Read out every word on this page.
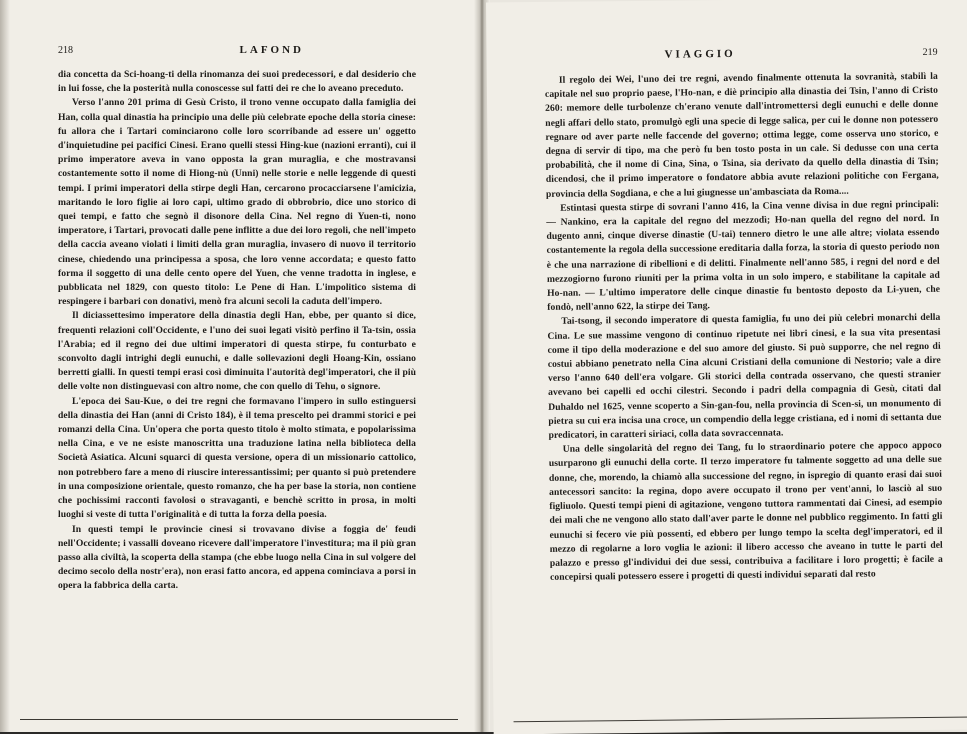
218	LAFOND

dia concetta da Sci-hoang-ti della rinomanza dei suoi predecessori, e dal desiderio che in lui fosse, che la posterità nulla conoscesse sul fatti dei re che lo aveano preceduto.

Verso l'anno 201 prima di Gesù Cristo, il trono venne occupato dalla famiglia dei Han, colla qual dinastia ha principio una delle più celebrate epoche della storia cinese: fu allora che i Tartari cominciarono colle loro scorribande ad essere un' oggetto d'inquietudine pei pacifici Cinesi. Erano quelli stessi Hing-kue (nazioni erranti), cui il primo imperatore aveva in vano opposta la gran muraglia, e che mostravansi costantemente sotto il nome di Hiong-nù (Unni) nelle storie e nelle leggende di questi tempi. I primi imperatori della stirpe degli Han, cercarono procacciarsene l'amicizia, maritando le loro figlie ai loro capi, ultimo grado di obbrobrio, dice uno storico di quei tempi, e fatto che segnò il disonore della Cina. Nel regno di Yuen-ti, nono imperatore, i Tartari, provocati dalle pene inflitte a due dei loro regoli, che nell'impeto della caccia aveano violati i limiti della gran muraglia, invasero di nuovo il territorio cinese, chiedendo una principessa a sposa, che loro venne accordata; e questo fatto forma il soggetto di una delle cento opere del Yuen, che venne tradotta in inglese, e pubblicata nel 1829, con questo titolo: Le Pene di Han. L'impolitico sistema di respingere i barbari con donativi, menò fra alcuni secoli la caduta dell'impero.

Il diciassettesimo imperatore della dinastia degli Han, ebbe, per quanto si dice, frequenti relazioni coll'Occidente, e l'uno dei suoi legati visitò perfino il Ta-tsin, ossia l'Arabia; ed il regno dei due ultimi imperatori di questa stirpe, fu conturbato e sconvolto dagli intrighi degli eunuchi, e dalle sollevazioni degli Hoang-Kin, ossiano berretti gialli. In questi tempi erasi così diminuita l'autorità degl'imperatori, che il più delle volte non distinguevasi con altro nome, che con quello di Tehu, o signore.

L'epoca dei Sau-Kue, o dei tre regni che formavano l'impero in sullo estinguersi della dinastia dei Han (anni di Cristo 184), è il tema prescelto pei drammi storici e pei romanzi della Cina. Un'opera che porta questo titolo è molto stimata, e popolarissima nella Cina, e ve ne esiste manoscritta una traduzione latina nella biblioteca della Società Asiatica. Alcuni squarci di questa versione, opera di un missionario cattolico, non potrebbero fare a meno di riuscire interessantissimi; per quanto si può pretendere in una composizione orientale, questo romanzo, che ha per base la storia, non contiene che pochissimi racconti favolosi o stravaganti, e benchè scritto in prosa, in molti luoghi si veste di tutta l'originalità e di tutta la forza della poesia.

In questi tempi le provincie cinesi si trovavano divise a foggia de' feudi nell'Occidente; i vassalli doveano ricevere dall'imperatore l'investitura; ma il più gran passo alla civiltà, la scoperta della stampa (che ebbe luogo nella Cina in sul volgere del decimo secolo della nostr'era), non erasi fatto ancora, ed appena cominciava a porsi in opera la fabbrica della carta.

VIAGGIO	219

Il regolo dei Wei, l'uno dei tre regni, avendo finalmente ottenuta la sovranità, stabilì la capitale nel suo proprio paese, l'Ho-nan, e diè principio alla dinastia dei Tsin, l'anno di Cristo 260: memore delle turbolenze ch'erano venute dall'intromettersi degli eunuchi e delle donne negli affari dello stato, promulgò egli una specie di legge salica, per cui le donne non potessero regnare od aver parte nelle faccende del governo; ottima legge, come osserva uno storico, e degna di servir di tipo, ma che però fu ben tosto posta in un cale. Si dedusse con una certa probabilità, che il nome di Cina, Sina, o Tsina, sia derivato da quello della dinastia di Tsin; dicendosi, che il primo imperatore o fondatore abbia avute relazioni politiche con Fergana, provincia della Sogdiana, e che a lui giugnesse un'ambasciata da Roma....

Estintasi questa stirpe di sovrani l'anno 416, la Cina venne divisa in due regni principali: — Nankino, era la capitale del regno del mezzodì; Ho-nan quella del regno del nord. In dugento anni, cinque diverse dinastie (U-tai) tennero dietro le une alle altre; violata essendo costantemente la regola della successione ereditaria dalla forza, la storia di questo periodo non è che una narrazione di ribellioni e di delitti. Finalmente nell'anno 585, i regni del nord e del mezzogiorno furono riuniti per la prima volta in un solo impero, e stabilitane la capitale ad Ho-nan. — L'ultimo imperatore delle cinque dinastie fu bentosto deposto da Li-yuen, che fondò, nell'anno 622, la stirpe dei Tang.

Tai-tsong, il secondo imperatore di questa famiglia, fu uno dei più celebri monarchi della Cina. Le sue massime vengono di continuo ripetute nei libri cinesi, e la sua vita presentasi come il tipo della moderazione e del suo amore del giusto. Si può supporre, che nel regno di costui abbiano penetrato nella Cina alcuni Cristiani della comunione di Nestorio; vale a dire verso l'anno 640 dell'era volgare. Gli storici della contrada osservano, che questi stranier avevano bei capelli ed occhi cilestri. Secondo i padri della compagnia di Gesù, citati dal Duhaldo nel 1625, venne scoperto a Sin-gan-fou, nella provincia di Scen-si, un monumento di pietra su cui era incisa una croce, un compendio della legge cristiana, ed i nomi di settanta due predicatori, in caratteri siriaci, colla data sovraccennata.

Una delle singolarità del regno dei Tang, fu lo straordinario potere che appoco appoco usurparono gli eunuchi della corte. Il terzo imperatore fu talmente soggetto ad una delle sue donne, che, morendo, la chiamò alla successione del regno, in ispregio di quanto erasi dai suoi antecessori sancito: la regina, dopo avere occupato il trono per vent'anni, lo lasciò al suo figliuolo. Questi tempi pieni di agitazione, vengono tuttora rammentati dai Cinesi, ad esempio dei mali che ne vengono allo stato dall'aver parte le donne nel pubblico reggimento. In fatti gli eunuchi si fecero vie più possenti, ed ebbero per lungo tempo la scelta degl'imperatori, ed il mezzo di regolarne a loro voglia le azioni: il libero accesso che aveano in tutte le parti del palazzo e presso gl'individui dei due sessi, contribuiva a facilitare i loro progetti; è facile a concepirsi quali potessero essere i progetti di questi individui separati dal resto
